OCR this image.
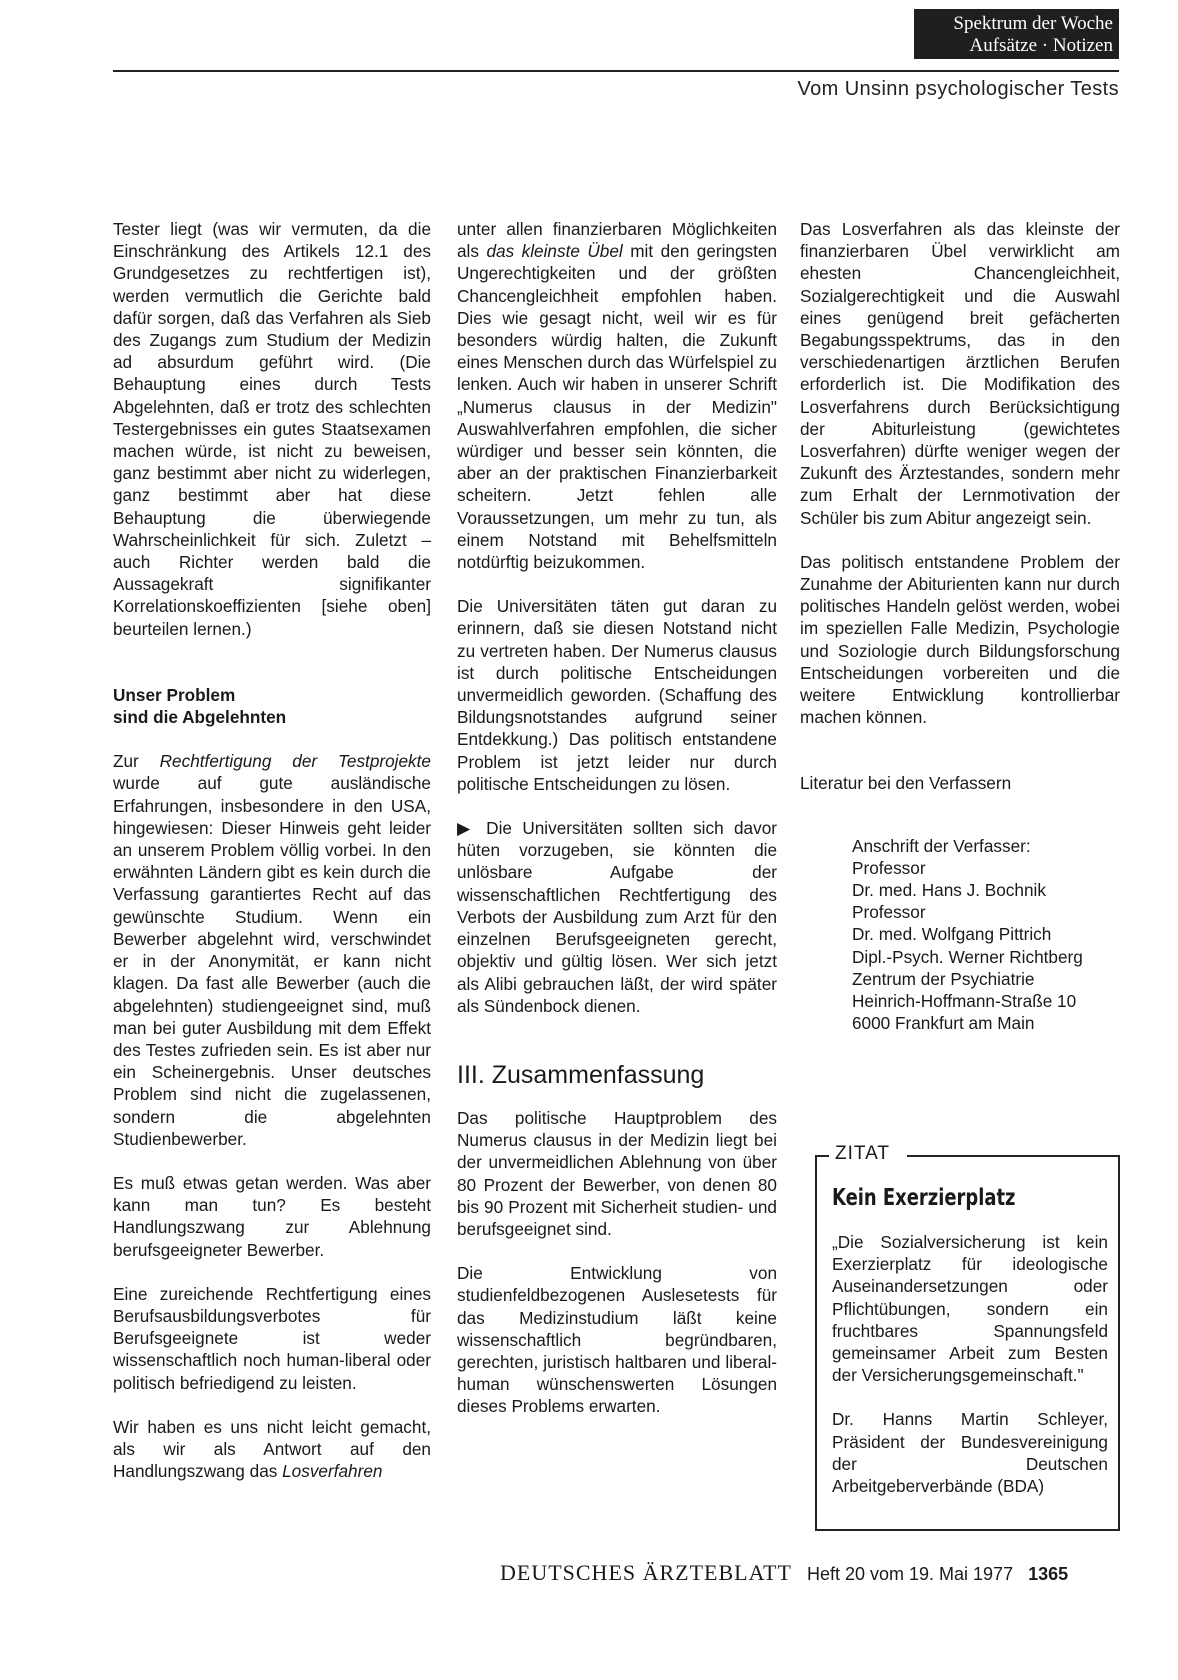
Spektrum der Woche
Aufsätze · Notizen
Vom Unsinn psychologischer Tests

Tester liegt (was wir vermuten, da die Einschränkung des Artikels 12.1 des Grundgesetzes zu rechtfertigen ist), werden vermutlich die Gerichte bald dafür sorgen, daß das Verfahren als Sieb des Zugangs zum Studium der Medizin ad absurdum geführt wird. (Die Behauptung eines durch Tests Abgelehnten, daß er trotz des schlechten Testergebnisses ein gutes Staatsexamen machen würde, ist nicht zu beweisen, ganz bestimmt aber nicht zu widerlegen, ganz bestimmt aber hat diese Behauptung die überwiegende Wahrscheinlichkeit für sich. Zuletzt – auch Richter werden bald die Aussagekraft signifikanter Korrelationskoeffizienten [siehe oben] beurteilen lernen.)

Unser Problem
sind die Abgelehnten

Zur Rechtfertigung der Testprojekte wurde auf gute ausländische Erfahrungen, insbesondere in den USA, hingewiesen: Dieser Hinweis geht leider an unserem Problem völlig vorbei. In den erwähnten Ländern gibt es kein durch die Verfassung garantiertes Recht auf das gewünschte Studium. Wenn ein Bewerber abgelehnt wird, verschwindet er in der Anonymität, er kann nicht klagen. Da fast alle Bewerber (auch die abgelehnten) studiengeeignet sind, muß man bei guter Ausbildung mit dem Effekt des Testes zufrieden sein. Es ist aber nur ein Scheinergebnis. Unser deutsches Problem sind nicht die zugelassenen, sondern die abgelehnten Studienbewerber.

Es muß etwas getan werden. Was aber kann man tun? Es besteht Handlungszwang zur Ablehnung berufsgeeigneter Bewerber.

Eine zureichende Rechtfertigung eines Berufsausbildungsverbotes für Berufsgeeignete ist weder wissenschaftlich noch human-liberal oder politisch befriedigend zu leisten.

Wir haben es uns nicht leicht gemacht, als wir als Antwort auf den Handlungszwang das Losverfahren

unter allen finanzierbaren Möglichkeiten als das kleinste Übel mit den geringsten Ungerechtigkeiten und der größten Chancengleichheit empfohlen haben. Dies wie gesagt nicht, weil wir es für besonders würdig halten, die Zukunft eines Menschen durch das Würfelspiel zu lenken. Auch wir haben in unserer Schrift „Numerus clausus in der Medizin" Auswahlverfahren empfohlen, die sicher würdiger und besser sein könnten, die aber an der praktischen Finanzierbarkeit scheitern. Jetzt fehlen alle Voraussetzungen, um mehr zu tun, als einem Notstand mit Behelfsmitteln notdürftig beizukommen.

Die Universitäten täten gut daran zu erinnern, daß sie diesen Notstand nicht zu vertreten haben. Der Numerus clausus ist durch politische Entscheidungen unvermeidlich geworden. (Schaffung des Bildungsnotstandes aufgrund seiner Entdekkung.) Das politisch entstandene Problem ist jetzt leider nur durch politische Entscheidungen zu lösen.

▶ Die Universitäten sollten sich davor hüten vorzugeben, sie könnten die unlösbare Aufgabe der wissenschaftlichen Rechtfertigung des Verbots der Ausbildung zum Arzt für den einzelnen Berufsgeeigneten gerecht, objektiv und gültig lösen. Wer sich jetzt als Alibi gebrauchen läßt, der wird später als Sündenbock dienen.

III. Zusammenfassung

Das politische Hauptproblem des Numerus clausus in der Medizin liegt bei der unvermeidlichen Ablehnung von über 80 Prozent der Bewerber, von denen 80 bis 90 Prozent mit Sicherheit studien- und berufsgeeignet sind.

Die Entwicklung von studienfeldbezogenen Auslesetests für das Medizinstudium läßt keine wissenschaftlich begründbaren, gerechten, juristisch haltbaren und liberal-human wünschenswerten Lösungen dieses Problems erwarten.

Das Losverfahren als das kleinste der finanzierbaren Übel verwirklicht am ehesten Chancengleichheit, Sozialgerechtigkeit und die Auswahl eines genügend breit gefächerten Begabungsspektrums, das in den verschiedenartigen ärztlichen Berufen erforderlich ist. Die Modifikation des Losverfahrens durch Berücksichtigung der Abiturleistung (gewichtetes Losverfahren) dürfte weniger wegen der Zukunft des Ärztestandes, sondern mehr zum Erhalt der Lernmotivation der Schüler bis zum Abitur angezeigt sein.

Das politisch entstandene Problem der Zunahme der Abiturienten kann nur durch politisches Handeln gelöst werden, wobei im speziellen Falle Medizin, Psychologie und Soziologie durch Bildungsforschung Entscheidungen vorbereiten und die weitere Entwicklung kontrollierbar machen können.

Literatur bei den Verfassern

Anschrift der Verfasser:
Professor
Dr. med. Hans J. Bochnik
Professor
Dr. med. Wolfgang Pittrich
Dipl.-Psych. Werner Richtberg
Zentrum der Psychiatrie
Heinrich-Hoffmann-Straße 10
6000 Frankfurt am Main
ZITAT
Kein Exerzierplatz

„Die Sozialversicherung ist kein Exerzierplatz für ideologische Auseinandersetzungen oder Pflichtübungen, sondern ein fruchtbares Spannungsfeld gemeinsamer Arbeit zum Besten der Versicherungsgemeinschaft."

Dr. Hanns Martin Schleyer, Präsident der Bundesvereinigung der Deutschen Arbeitgeberverbände (BDA)

DEUTSCHES ÄRZTEBLATT Heft 20 vom 19. Mai 1977 1365
